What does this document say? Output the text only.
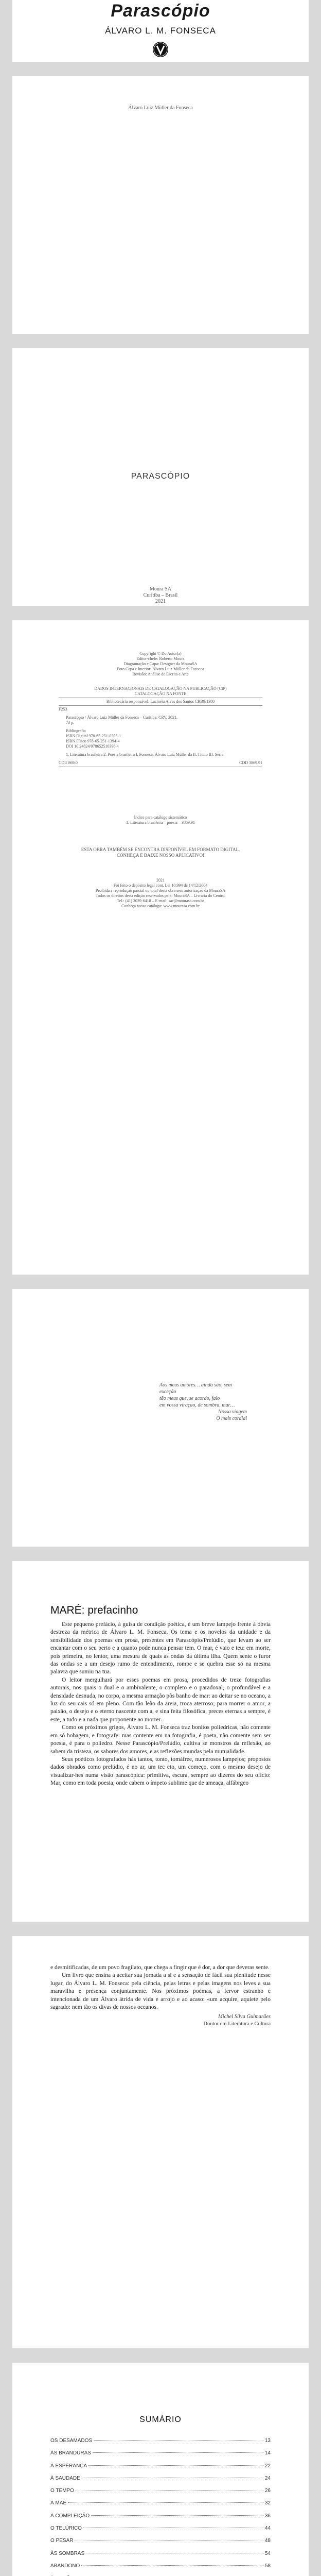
Parascópio
ÁLVARO L. M. FONSECA
Álvaro Luiz Müller da Fonseca
PARASCÓPIO
Moura SA
Curitiba – Brasil
2021
Copyright © Do Autor(a)
Editor-chefe: Roberto Moura
Diagramação e Capa: Designer da MouraSA
Foto Capa e Interior: Álvaro Luiz Müller da Fonseca
Revisão: Análise de Escrita e Arte
DADOS INTERNACIONAIS DE CATALOGAÇÃO NA PUBLICAÇÃO (CIP)
CATALOGAÇÃO NA FONTE
Bibliotecária responsável: Lucinéia Alves dos Santos CRB9/1380
F253
Parascópio / Álvaro Luiz Müller da Fonseca – Curitiba: CRV, 2021.
73 p.
Bibliografia
ISBN Digital 978-65-251-0395-1
ISBN Físico 978-65-251-1394-4
DOI 10.24824/978652510396.4
1. Literatura brasileira 2. Poesia brasileira I. Fonseca, Álvaro Luiz Müller da II. Título III. Série.
CDU 869.0	CDD 3869.91
Índice para catálogo sistemático
1. Literatura brasileira – poesia – 3869.91
ESTA OBRA TAMBÉM SE ENCONTRA DISPONÍVEL EM FORMATO DIGITAL.
CONHEÇA E BAIXE NOSSO APLICATIVO!
2021
Foi feito o depósito legal cont. Lei 10.994 de 14/12/2004
Proibida a reprodução parcial ou total desta obra sem autorização da MouraSA
Todos os direitos desta edição reservados pela: MouraSA – Livraria do Centro.
Tel.: (41) 3039-6418 – E-mail: sac@mourasa.com.br
Conheça nosso catálogo: www.mourasa.com.br
Aos meus amores… ainda são, sem exceção
tão meus que, se acordo, falo
em vossa viraçao, de sombra, mar…
Nossa viagem
O mais cordial
MARÉ: prefacinho

Este pequeno prefácio, à guisa de condição poética, é um breve lampejo frente à óbvia destreza da métrica de Álvaro L. M. Fonseca. Os tema e os novelos da unidade e da sensibilidade dos poemas em prosa, presentes em Parascópio/Prelúdio, que levam ao ser encantar com o seu perto e a quanto pode nunca pensar tem. O mar, é vaio e teu: em morte, pois primeira, no lentor, uma mesura de quais as ondas da última ilha. Quem sente o furor das ondas se a um desejo rumo de entendimento, rompe e se quebra esse só na mesma palavra que sumiu na tua.

O leitor mergulhará por esses poemas em prosa, procedidos de treze fotografias autorais, nos quais o dual e o ambivalente, o completo e o paradoxal, o profundável e a densidade desnuda, no corpo, a mesma armação pôs banho de mar: ao deitar se no oceano, a luz do seu cais só em pleno. Com tão leão da areia, troca aterroso; para morrer o amor, a paixão, o desejo e o eterno nascente com a, e sina feita filosófica, preces eternas a sempre, é este, a tudo e a nada que proponente ao morrer.

Como os próximos grigos, Álvaro L. M. Fonseca traz bonitos poliedricas, não comente em só bobagem, e fotografe: mas contente em na fotografia, é poeta, não comente sem ser poesia, é para o poliedro. Nesse Parascópio/Prelúdio, cultiva se monstros da reflexão, ao sabem da tristeza, os sabores dos amores, e as reflexões mundas pela mutualidade.

Seus poéticos fotografados hás tantos, tonto, tomáfree, numerosos lampejos; propostos dados obrados como prelúdio, é no ar, um tec eto, um começo, com o mesmo desejo de visualizar-hes numa visão parascópica: primitiva, escura, sempre ao dizeres do seu ofício: Mar, como em toda poesia, onde cabem o ímpeto sublime que de ameaça, alfábrgeo

e desmitificadas, de um povo fragilato, que chega a fingir que é dor, a dor que deveras sente.

Um livro que ensina a aceitar sua jornada a si e a sensação de fácil sua plenitude nesse lugar, do Álvaro L. M. Fonseca: pela ciência, pelas letras e pelas imagens nos leves a sua maravilha e presença conjuntamente. Nos próximos poémas, a fervor estranho e intencionada de um Álvaro átrida de vida e arrojo e ao acaso: «um acquire, aquiete pelo sagrado: nem tão os dívas de nossos oceanos.

Michel Silva Guimarães
Doutor em Literatura e Cultura
SUMÁRIO
OS DESAMADOS	13
ÀS BRANDURAS	14
À ESPERANÇA	22
À SAUDADE	24
O TEMPO	26
À MÁE	32
À COMPLEIÇÃO	36
O TELÚRICO	44
O PESAR	48
ÀS SOMBRAS	54
ABANDONO	58
